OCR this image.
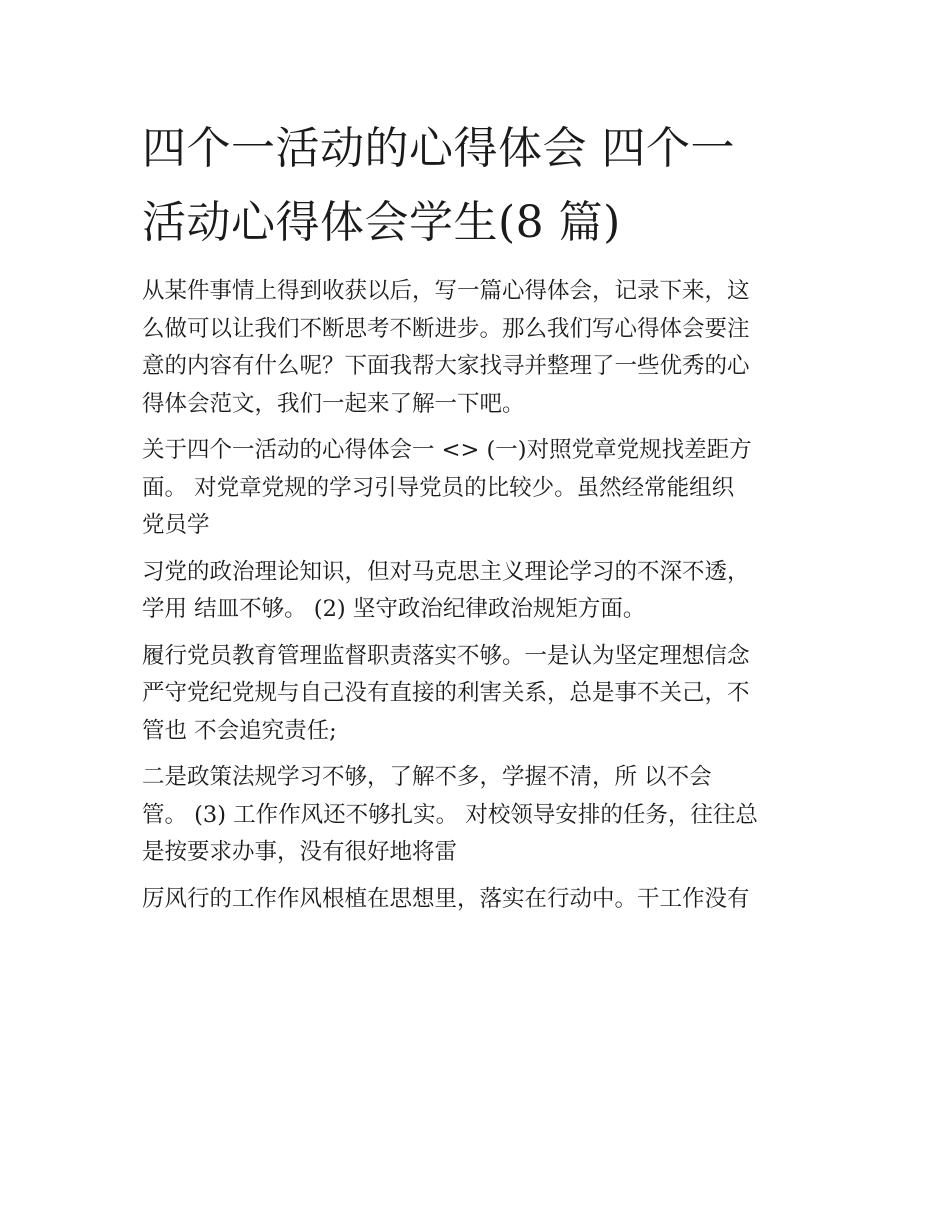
四个一活动的心得体会 四个一
活动心得体会学生(8 篇)
从某件事情上得到收获以后，写一篇心得体会，记录下来，这
么做可以让我们不断思考不断进步。那么我们写心得体会要注
意的内容有什么呢？下面我帮大家找寻并整理了一些优秀的心
得体会范文，我们一起来了解一下吧。
关于四个一活动的心得体会一 <> (一)对照党章党规找差距方
面。 对党章党规的学习引导党员的比较少。虽然经常能组织
党员学
习党的政治理论知识，但对马克思主义理论学习的不深不透，
学用 结皿不够。 (2) 坚守政治纪律政治规矩方面。
履行党员教育管理监督职责落实不够。一是认为坚定理想信念
严守党纪党规与自己没有直接的利害关系，总是事不关己，不
管也 不会追究责任;
二是政策法规学习不够，了解不多，学握不清，所 以不会
管。 (3) 工作作风还不够扎实。 对校领导安排的任务，往往总
是按要求办事，没有很好地将雷
厉风行的工作作风根植在思想里，落实在行动中。干工作没有
